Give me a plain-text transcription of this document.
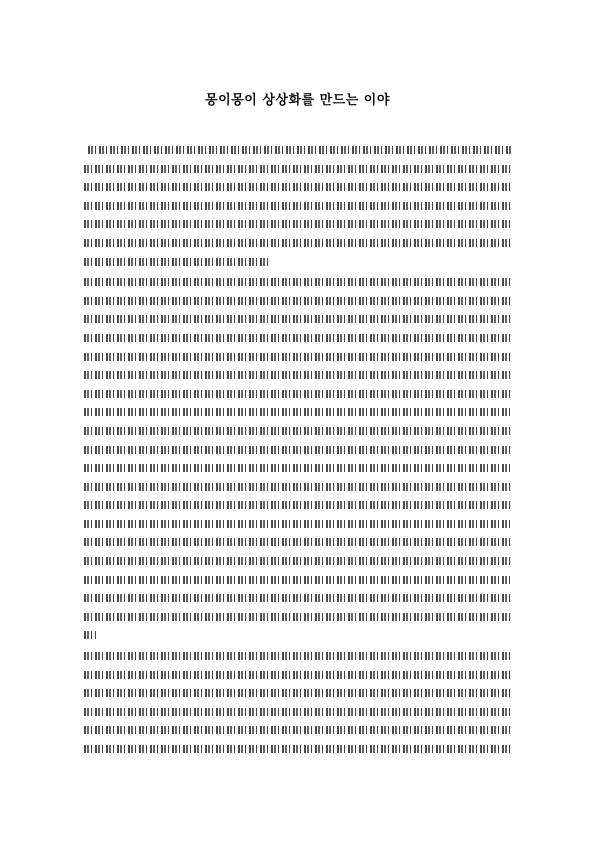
몽이몽이 상상화를 만드는 이야
